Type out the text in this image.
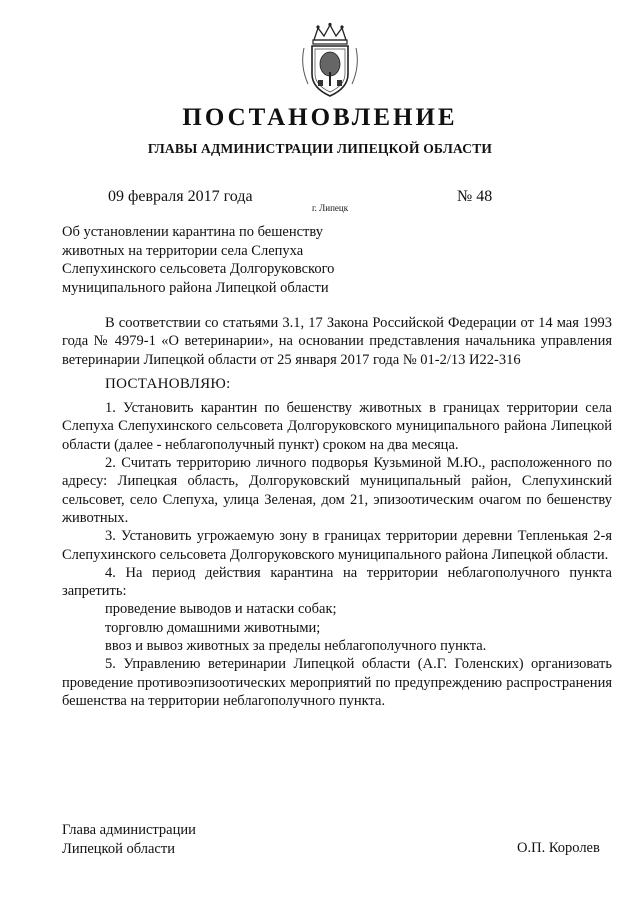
ПОСТАНОВЛЕНИЕ
ГЛАВЫ АДМИНИСТРАЦИИ ЛИПЕЦКОЙ ОБЛАСТИ
09 февраля 2017 года
г. Липецк
№ 48
Об установлении карантина по бешенству
животных на территории села Слепуха
Слепухинского сельсовета Долгоруковского
муниципального района Липецкой области

В соответствии со статьями 3.1, 17 Закона Российской Федерации от 14 мая 1993 года № 4979-1 «О ветеринарии», на основании представления начальника управления ветеринарии Липецкой области от 25 января 2017 года № 01-2/13 И22-316

ПОСТАНОВЛЯЮ:

1. Установить карантин по бешенству животных в границах территории села Слепуха Слепухинского сельсовета Долгоруковского муниципального района Липецкой области (далее - неблагополучный пункт) сроком на два месяца.

2. Считать территорию личного подворья Кузьминой М.Ю., расположенного по адресу: Липецкая область, Долгоруковский муниципальный район, Слепухинский сельсовет, село Слепуха, улица Зеленая, дом 21, эпизоотическим очагом по бешенству животных.

3. Установить угрожаемую зону в границах территории деревни Тепленькая 2-я Слепухинского сельсовета Долгоруковского муниципального района Липецкой области.

4. На период действия карантина на территории неблагополучного пункта запретить:

проведение выводов и натаски собак;

торговлю домашними животными;

ввоз и вывоз животных за пределы неблагополучного пункта.

5. Управлению ветеринарии Липецкой области (А.Г. Голенских) организовать проведение противоэпизоотических мероприятий по предупреждению распространения бешенства на территории неблагополучного пункта.

Глава администрации
Липецкой области	О.П. Королев
